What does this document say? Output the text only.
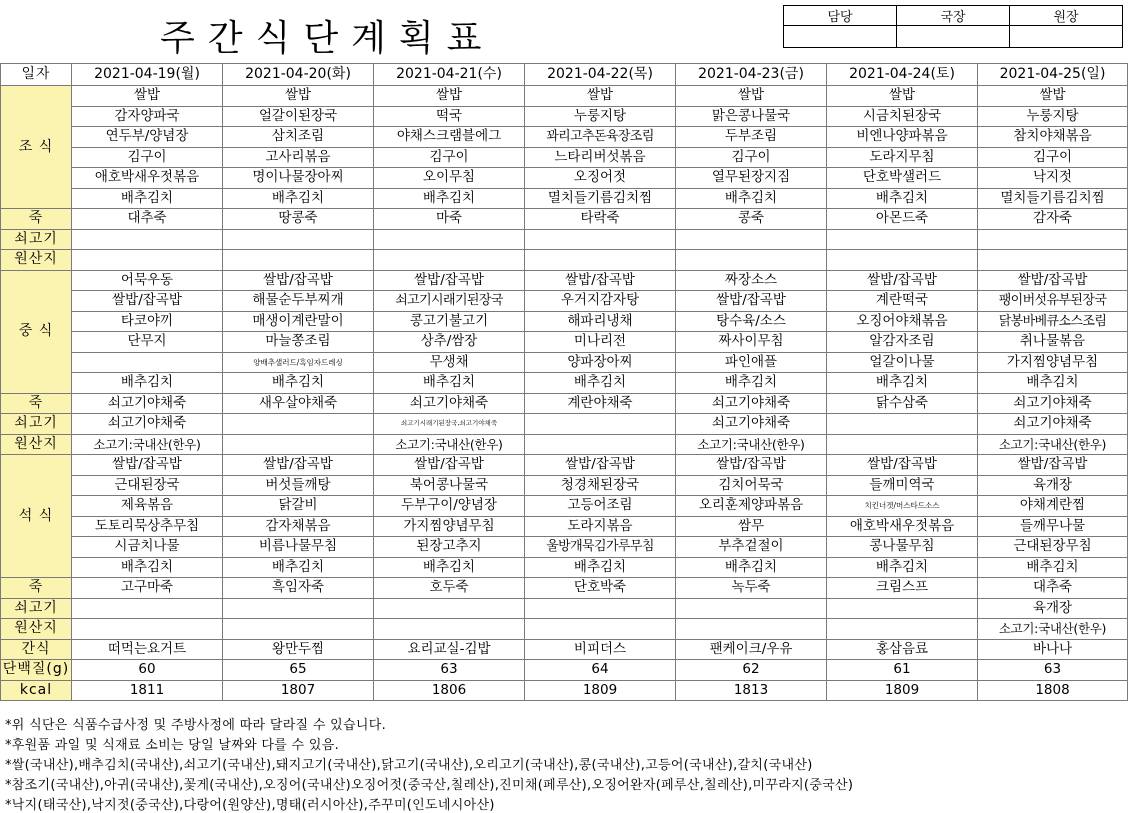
주간식단계획표
담당	국장	원장

일자	2021-04-19(월)	2021-04-20(화)	2021-04-21(수)	2021-04-22(목)	2021-04-23(금)	2021-04-24(토)	2021-04-25(일)
조 식	쌀밥	쌀밥	쌀밥	쌀밥	쌀밥	쌀밥	쌀밥
	감자양파국	얼갈이된장국	떡국	누룽지탕	맑은콩나물국	시금치된장국	누룽지탕
	연두부/양념장	삼치조림	야채스크램블에그	꽈리고추돈육장조림	두부조림	비엔나양파볶음	참치야채볶음
	김구이	고사리볶음	김구이	느타리버섯볶음	김구이	도라지무침	김구이
	애호박새우젓볶음	명이나물장아찌	오이무침	오징어젓	열무된장지짐	단호박샐러드	낙지젓
	배추김치	배추김치	배추김치	멸치들기름김치찜	배추김치	배추김치	멸치들기름김치찜
죽	대추죽	땅콩죽	마죽	타락죽	콩죽	아몬드죽	감자죽
쇠고기							
원산지							
중 식	어묵우동	쌀밥/잡곡밥	쌀밥/잡곡밥	쌀밥/잡곡밥	짜장소스	쌀밥/잡곡밥	쌀밥/잡곡밥
	쌀밥/잡곡밥	해물순두부찌개	쇠고기시래기된장국	우거지감자탕	쌀밥/잡곡밥	계란떡국	팽이버섯유부된장국
	타코야끼	매생이계란말이	콩고기불고기	해파리냉채	탕수육/소스	오징어야채볶음	닭봉바베큐소스조림
	단무지	마늘쫑조림	상추/쌈장	미나리전	짜사이무침	알감자조림	취나물볶음
		양배추샐러드/흑임자드레싱	무생채	양파장아찌	파인애플	얼갈이나물	가지찜양념무침
	배추김치	배추김치	배추김치	배추김치	배추김치	배추김치	배추김치
죽	쇠고기야채죽	새우살야채죽	쇠고기야채죽	계란야채죽	쇠고기야채죽	닭수삼죽	쇠고기야채죽
쇠고기	쇠고기야채죽		쇠고기시래기된장국,쇠고기야채죽		쇠고기야채죽		쇠고기야채죽
원산지	소고기:국내산(한우)		소고기:국내산(한우)		소고기:국내산(한우)		소고기:국내산(한우)
석 식	쌀밥/잡곡밥	쌀밥/잡곡밥	쌀밥/잡곡밥	쌀밥/잡곡밥	쌀밥/잡곡밥	쌀밥/잡곡밥	쌀밥/잡곡밥
	근대된장국	버섯들깨탕	북어콩나물국	청경채된장국	김치어묵국	들깨미역국	육개장
	제육볶음	닭갈비	두부구이/양념장	고등어조림	오리훈제양파볶음	치킨너겟/머스타드소스	야채계란찜
	도토리묵상추무침	감자채볶음	가지찜양념무침	도라지볶음	쌈무	애호박새우젓볶음	들깨무나물
	시금치나물	비름나물무침	된장고추지	울방개묵김가루무침	부추겉절이	콩나물무침	근대된장무침
	배추김치	배추김치	배추김치	배추김치	배추김치	배추김치	배추김치
죽	고구마죽	흑임자죽	호두죽	단호박죽	녹두죽	크림스프	대추죽
쇠고기							육개장
원산지							소고기:국내산(한우)
간식	떠먹는요거트	왕만두찜	요리교실-김밥	비피더스	팬케이크/우유	홍삼음료	바나나
단백질(g)	60	65	63	64	62	61	63
kcal	1811	1807	1806	1809	1813	1809	1808
*위 식단은 식품수급사정 및 주방사정에 따라 달라질 수 있습니다.
*후원품 과일 및 식재료 소비는 당일 날짜와 다를 수 있음.
*쌀(국내산),배추김치(국내산),쇠고기(국내산),돼지고기(국내산),닭고기(국내산),오리고기(국내산),콩(국내산),고등어(국내산),갈치(국내산)
*참조기(국내산),아귀(국내산),꽃게(국내산),오징어(국내산)오징어젓(중국산,칠레산),진미채(페루산),오징어완자(페루산,칠레산),미꾸라지(중국산)
*낙지(태국산),낙지젓(중국산),다랑어(원양산),명태(러시아산),주꾸미(인도네시아산)
